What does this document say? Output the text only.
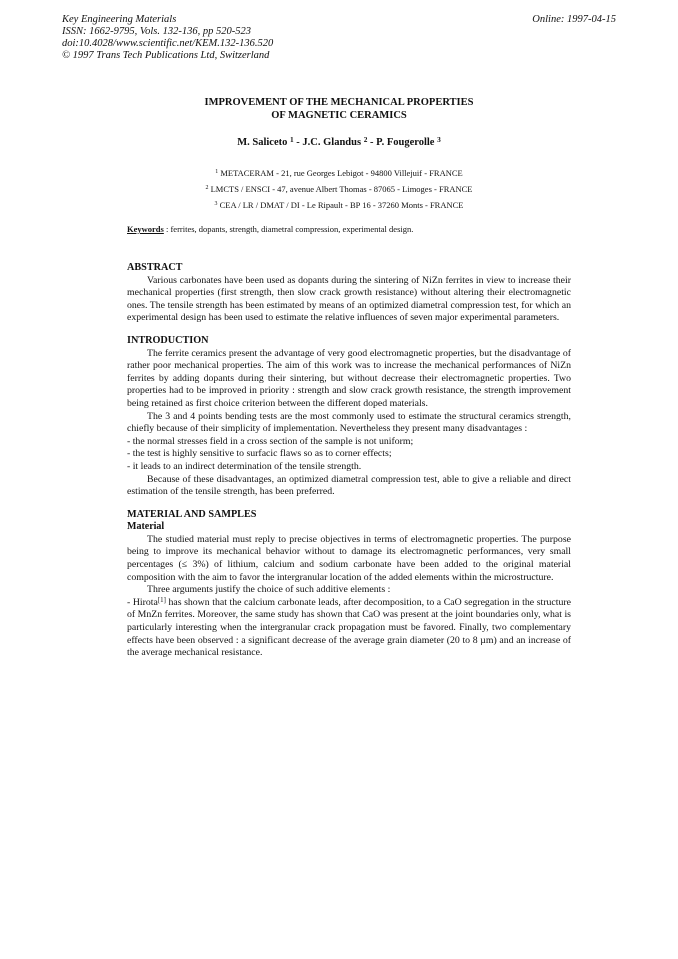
Key Engineering Materials
ISSN: 1662-9795, Vols. 132-136, pp 520-523
doi:10.4028/www.scientific.net/KEM.132-136.520
© 1997 Trans Tech Publications Ltd, Switzerland
Online: 1997-04-15
IMPROVEMENT OF THE MECHANICAL PROPERTIES
OF MAGNETIC CERAMICS
M. Saliceto $^1$ - J.C. Glandus $^2$ - P. Fougerolle $^3$
$^1$ METACERAM - 21, rue Georges Lebigot - 94800 Villejuif - FRANCE
$^2$ LMCTS / ENSCI - 47, avenue Albert Thomas - 87065 - Limoges - FRANCE
$^3$ CEA / LR / DMAT / DI - Le Ripault - BP 16 - 37260 Monts - FRANCE
Keywords : ferrites, dopants, strength, diametral compression, experimental design.
ABSTRACT

Various carbonates have been used as dopants during the sintering of NiZn ferrites in view to increase their mechanical properties (first strength, then slow crack growth resistance) without altering their electromagnetic ones. The tensile strength has been estimated by means of an optimized diametral compression test, for which an experimental design has been used to estimate the relative influences of seven major experimental parameters.

INTRODUCTION

The ferrite ceramics present the advantage of very good electromagnetic properties, but the disadvantage of rather poor mechanical properties. The aim of this work was to increase the mechanical performances of NiZn ferrites by adding dopants during their sintering, but without decrease their electromagnetic properties. Two properties had to be improved in priority : strength and slow crack growth resistance, the strength improvement being retained as first choice criterion between the different doped materials.

The 3 and 4 points bending tests are the most commonly used to estimate the structural ceramics strength, chiefly because of their simplicity of implementation. Nevertheless they present many disadvantages :

- the normal stresses field in a cross section of the sample is not uniform;
- the test is highly sensitive to surfacic flaws so as to corner effects;
- it leads to an indirect determination of the tensile strength.

Because of these disadvantages, an optimized diametral compression test, able to give a reliable and direct estimation of the tensile strength, has been preferred.

MATERIAL AND SAMPLES
Material

The studied material must reply to precise objectives in terms of electromagnetic properties. The purpose being to improve its mechanical behavior without to damage its electromagnetic performances, very small percentages (≤ 3%) of lithium, calcium and sodium carbonate have been added to the original material composition with the aim to favor the intergranular location of the added elements within the microstructure.

Three arguments justify the choice of such additive elements :

- Hirota[1] has shown that the calcium carbonate leads, after decomposition, to a CaO segregation in the structure of MnZn ferrites. Moreover, the same study has shown that CaO was present at the joint boundaries only, what is particularly interesting when the intergranular crack propagation must be favored. Finally, two complementary effects have been observed : a significant decrease of the average grain diameter (20 to 8 µm) and an increase of the average mechanical resistance.
